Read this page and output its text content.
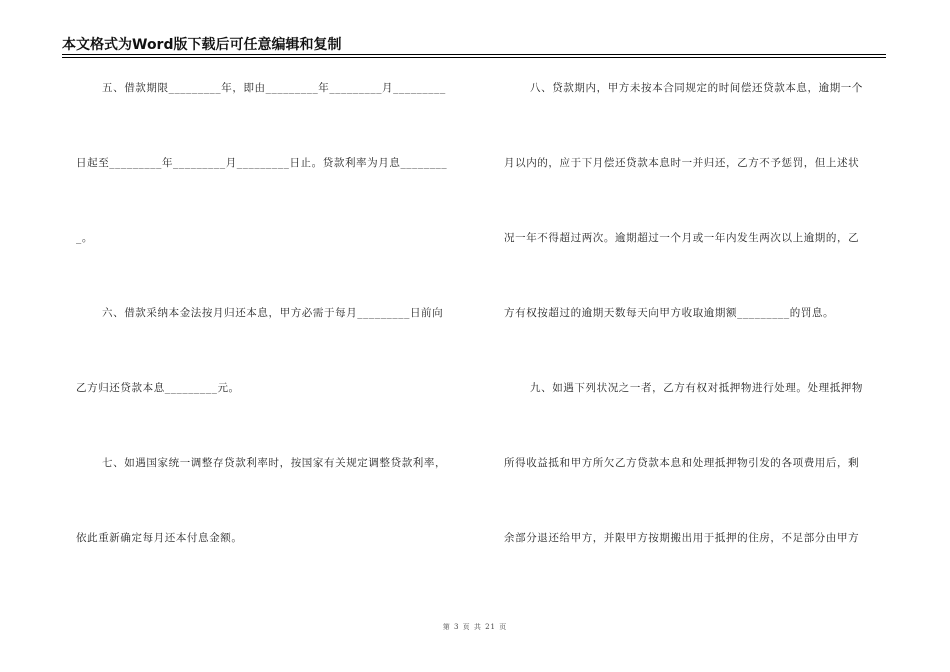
本文格式为Word版下载后可任意编辑和复制
五、借款期限_________年，即由_________年_________月_________
日起至_________年_________月_________日止。贷款利率为月息________
_。
六、借款采纳本金法按月归还本息，甲方必需于每月_________日前向
乙方归还贷款本息_________元。
七、如遇国家统一调整存贷款利率时，按国家有关规定调整贷款利率，
依此重新确定每月还本付息金额。
八、贷款期内，甲方未按本合同规定的时间偿还贷款本息，逾期一个
月以内的，应于下月偿还贷款本息时一并归还，乙方不予惩罚，但上述状
况一年不得超过两次。逾期超过一个月或一年内发生两次以上逾期的，乙
方有权按超过的逾期天数每天向甲方收取逾期额_________的罚息。
九、如遇下列状况之一者，乙方有权对抵押物进行处理。处理抵押物
所得收益抵和甲方所欠乙方贷款本息和处理抵押物引发的各项费用后，剩
余部分退还给甲方，并限甲方按期搬出用于抵押的住房，不足部分由甲方
第 3 页 共 21 页
